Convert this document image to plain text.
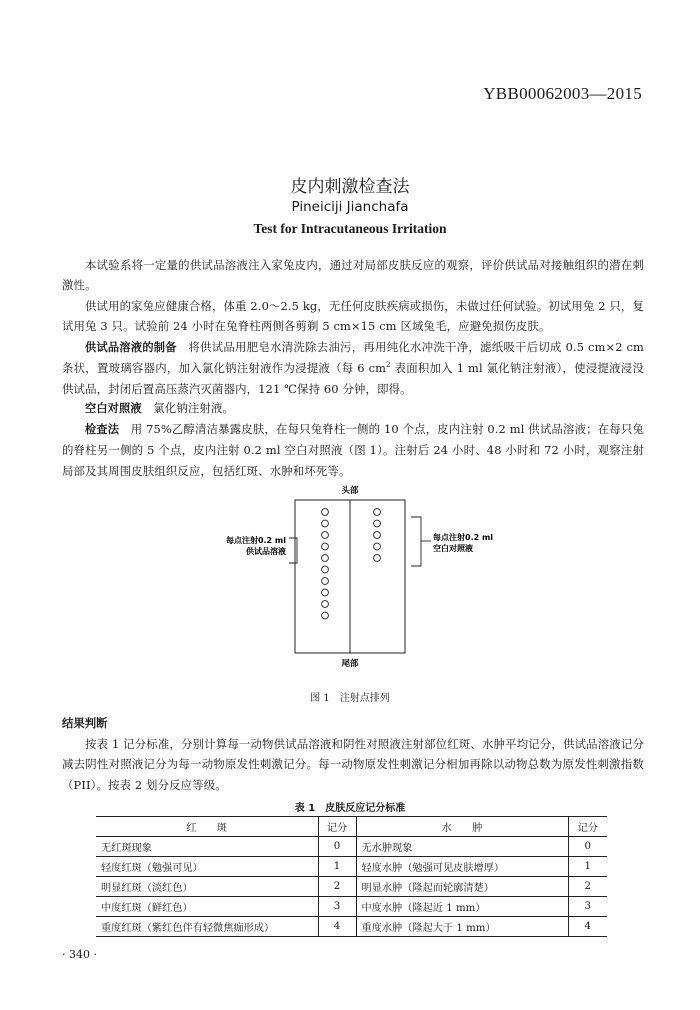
YBB00062003—2015
皮内刺激检查法
Pineiciji Jianchafa
Test for Intracutaneous Irritation

本试验系将一定量的供试品溶液注入家兔皮内，通过对局部皮肤反应的观察，评价供试品对接触组织的潜在刺激性。

供试用的家兔应健康合格，体重 2.0～2.5 kg，无任何皮肤疾病或损伤，未做过任何试验。初试用兔 2 只，复试用兔 3 只。试验前 24 小时在兔脊柱两侧各剪剃 5 cm×15 cm 区域兔毛，应避免损伤皮肤。

供试品溶液的制备　 将供试品用肥皂水清洗除去油污，再用纯化水冲洗干净，滤纸吸干后切成 0.5 cm×2 cm 条状，置玻璃容器内，加入氯化钠注射液作为浸提液（每 6 $cm^2$ 表面积加入 1 ml 氯化钠注射液），使浸提液浸没供试品，封闭后置高压蒸汽灭菌器内，121 ℃保持 60 分钟，即得。

空白对照液　 氯化钠注射液。

检查法　 用 75%乙醇清洁暴露皮肤，在每只兔脊柱一侧的 10 个点，皮内注射 0.2 ml 供试品溶液；在每只兔的脊柱另一侧的 5 个点，皮内注射 0.2 ml 空白对照液（图 1）。注射后 24 小时、48 小时和 72 小时，观察注射局部及其周围皮肤组织反应，包括红斑、水肿和坏死等。

头部
尾部
每点注射0.2 ml
供试品溶液
每点注射0.2 ml
空白对照液
图 1　注射点排列
结果判断

按表 1 记分标准，分别计算每一动物供试品溶液和阴性对照液注射部位红斑、水肿平均记分，供试品溶液记分减去阴性对照液记分为每一动物原发性刺激记分。每一动物原发性刺激记分相加再除以动物总数为原发性刺激指数（PII）。按表 2 划分反应等级。

表 1　皮肤反应记分标准
红　　斑	记分	水　　肿	记分
无红斑现象	0	无水肿现象	0
轻度红斑（勉强可见）	1	轻度水肿（勉强可见皮肤增厚）	1
明显红斑（淡红色）	2	明显水肿（隆起而轮廓清楚）	2
中度红斑（鲜红色）	3	中度水肿（隆起近 1 mm）	3
重度红斑（紫红色伴有轻微焦痂形成）	4	重度水肿（隆起大于 1 mm）	4
· 340 ·
